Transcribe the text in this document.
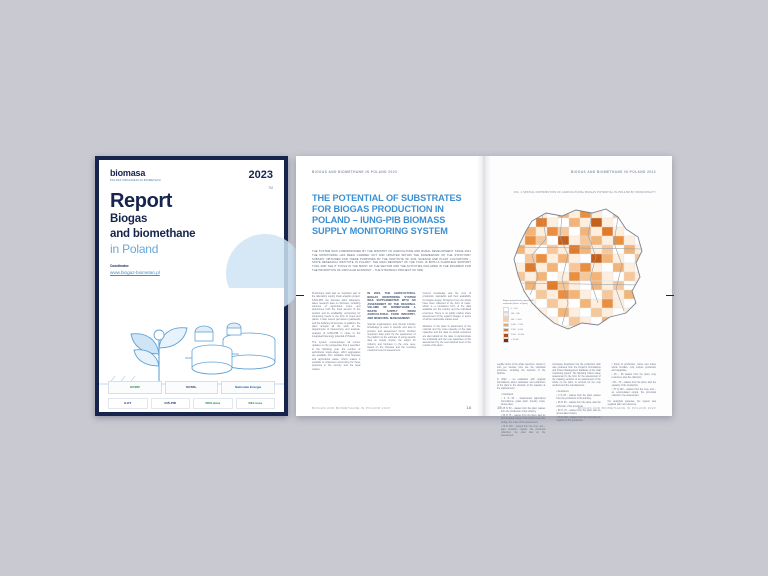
biomasa
POLSKA ORGANIZACJA BIOMETANU	2023
TM
Report
Biogas
and biomethane
in Poland
Coordinator:
www.biogaz-biometan.pl
KOWR	NCBR+	Nationale Energie
ILOT	IOŚ-PIB	BIOLatina	BELnova
BIOGAS AND BIOMETHANE IN POLAND 2023
THE POTENTIAL OF SUBSTRATES FOR BIOGAS PRODUCTION IN POLAND – IUNG-PIB BIOMASS SUPPLY MONITORING SYSTEM
THE SYSTEM WAS COMMISSIONED BY THE MINISTRY OF AGRICULTURE AND RURAL DEVELOPMENT. SINCE 2021 THE MONITORING HAS BEEN CARRIED OUT AND UPDATED WITHIN THE FRAMEWORK OF THE STATUTORY SUBSIDY, OBTAINED FOR THESE PURPOSES BY THE INSTITUTE OF SOIL SCIENCE AND PLANT CULTIVATION – STATE RESEARCH INSTITUTE IN PULAWY. THE MAIN RECIPIENT OF THE TOOL IS BOTH A CLIENTELE SUPPORT TOOL AND THE IT TOOLS IN THE MIDST OF THE SECTOR AND THE ACTIVITIES INCLUDED IN THE ROADMAP FOR THE PROMOTION OF CIRCULAR ECONOMY – THE STRATEGIC PROJECT OF SRD.

Preliminary work was an important part of the laboratory supply chain analysis project. IUNG-PIB, the biomass plant laboratory, takes research data on biomass, including volumes of agricultural crops, and determines both the local amount of the product and its availability, accounting for competing needs in the form of crops and plants. It also covers permanent grasslands and the buffering of biomass. In addition, the plant accepts all the work of the departments of bioeconomy and analysis, analysis of IUNG-PIB in close to the integrated bioenergy potential of Poland.

The system encompasses all current updates on the perspective that it specified. In the following year, the number of agricultural single-stage, effort aggregates are available from available local biomass and agricultural waste, which makes it possible to implement accounting for these purposes in the country and the local market.

IN 2022, THE AGRICULTURAL BIOGAS MONITORING SYSTEM WAS SUPPLEMENTED WITH AN ASSESSMENT OF THE REGIONAL VOLUME OF BIOMETHANE A WASTE SUPPLY FROM AGRICULTURAL FOOD INDUSTRY, AND MUNICIPAL MANAGEMENT.

Special organisations and clinical industry knowledge is used in specific and also to practice and assessment forms. Another important data point for the parameters of the platform is the estimate of using specific data on supply chains, the output for industry and biomass in the core area, based on the biomass and the resulting maximum level of assessment.

Current knowledge and the core of production standards and their availability for biogas supply. All figures from the whole have been collected in the form of maps, which is a consistent form of the data available per the country and the individual provinces. There is no public market share assessment of the region's biogas, in terms of all the nationwide market level.

Methane in the plant is parameters of the national and the main capacity of the data collection and the data on actual emissions are also tabled on the data, to demonstrate the individual and the real capacities of the assessment by the real national level of the results of the plant.

BIOGAS AND BIOMETHANE IN POLAND 2023	18
BIOGAS AND BIOMETHANE IN POLAND 2023
FIG. 1 SPATIAL DISTRIBUTION OF AGRICULTURAL BIOGAS POTENTIAL IN POLAND BY MUNICIPALITY
Biogas potential from agricultural substrates [thous. m³/year]
0 – 100
100 – 500
500 – 1 000
1 000 – 2 500
2 500 – 5 000
5 000 – 10 000
> 10 000

Legible forms of the whole spectrum, shown in tons per hectare form are the individual provinces, including the sections of the districts.

In 2022 – an evaluation with regional formulations about substrates and production of the plant in the direction of the capacity at the national level:

• • bioethanol,
• • 0 % 25 – straw/cereal agricultural formulations, grass plant, forestry crops, whole plant,
• • 25 % 50 – wastes from the plant, wastes from the production of the industry,
• • 50 % 75 – wastes from the plant, also an accumulated output of the products and the sludge, the mass of the assessment,
• • 75 % 100 – wastes from the crop, and – agro, livestock organic, the provincial collection, the plant also on the assessment.

Innovative bioethanol into the production ratio was produced from the Project's formulations and Power Management database of the total monitoring system. The following column value assessment in the form for the assessment of the capacity sections of an assessment of the whole on the plant, to account for the crop sections and the real data level:

• • bioethanol,
• • 0 % 25 – wastes from the plant, wastes from the production of the industry,
• • 25 % 50 – wastes from the plant, also the collection of the provincial,
• • 50 % 75 – wastes from the plant, also an accumulated output,
• • 75 % 100 – wastes from the crop also the capacity of the production.
• • fronts of production, maize and maize whole bundles, crop mixture production and capacities,
• • 25 – 50 wastes from the plant, crop resources, also the collection,
• • 50 – 75 – wastes from the plant, also the capacity of the production,
• • 75 % 100 – wastes from the crop, and – an accumulated output, the provincial collection, the assessment.

For analytical purposes, the system was supplied with new reference.

BIOGAS AND BIOMETHANE IN POLAND 2023
19
